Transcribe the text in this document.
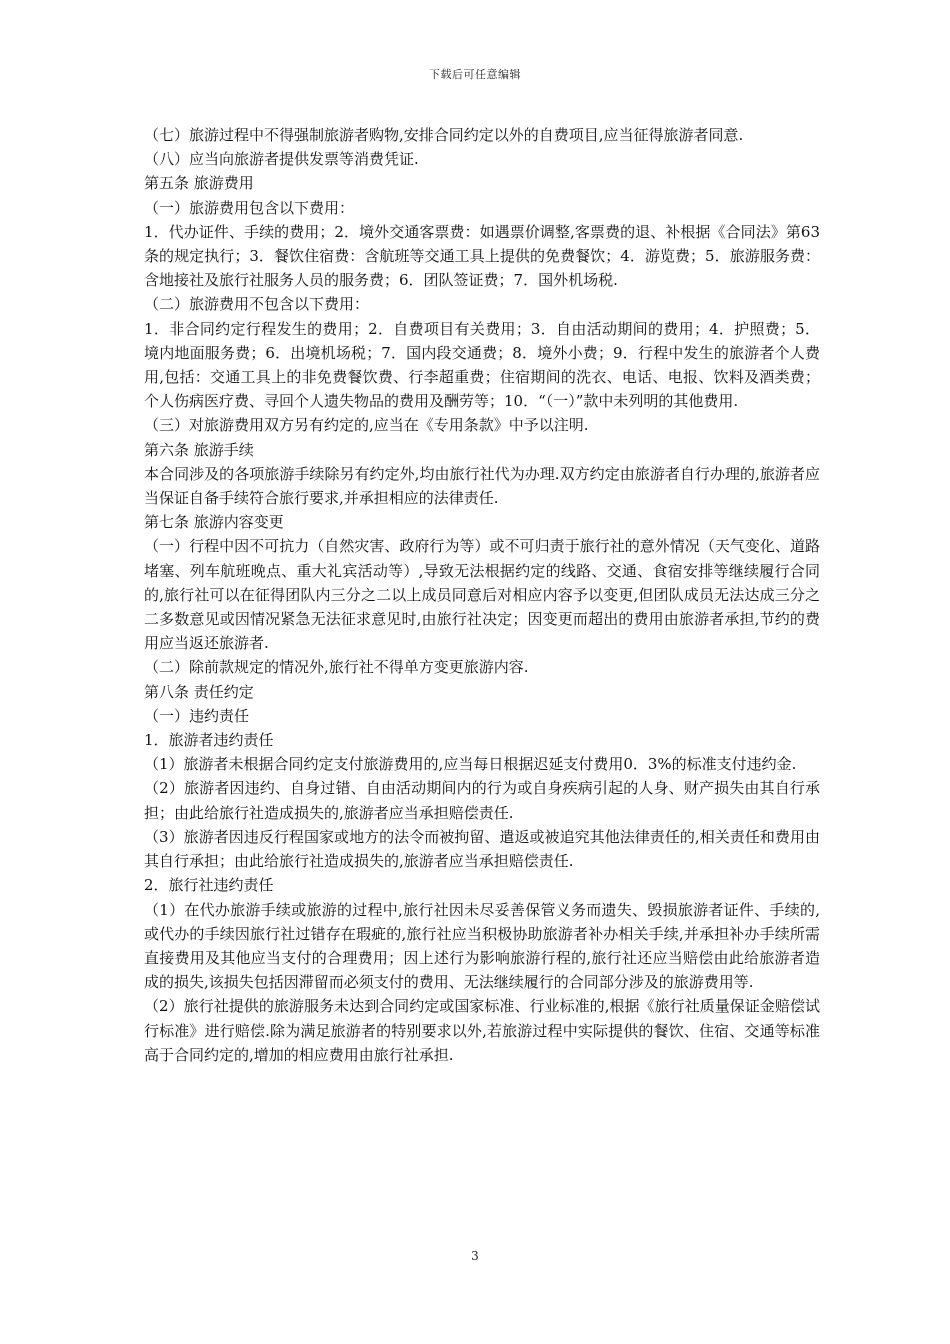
下载后可任意编辑

（七）旅游过程中不得强制旅游者购物,安排合同约定以外的自费项目,应当征得旅游者同意.

（八）应当向旅游者提供发票等消费凭证.

第五条 旅游费用

（一）旅游费用包含以下费用：

1．代办证件、手续的费用；2．境外交通客票费：如遇票价调整,客票费的退、补根据《合同法》第63条的规定执行；3．餐饮住宿费：含航班等交通工具上提供的免费餐饮；4．游览费；5．旅游服务费：含地接社及旅行社服务人员的服务费；6．团队签证费；7．国外机场税.

（二）旅游费用不包含以下费用：

1．非合同约定行程发生的费用；2．自费项目有关费用；3．自由活动期间的费用；4．护照费；5．境内地面服务费；6．出境机场税；7．国内段交通费；8．境外小费；9．行程中发生的旅游者个人费用,包括：交通工具上的非免费餐饮费、行李超重费；住宿期间的洗衣、电话、电报、饮料及酒类费；个人伤病医疗费、寻回个人遗失物品的费用及酬劳等；10．“（一）”款中未列明的其他费用.

（三）对旅游费用双方另有约定的,应当在《专用条款》中予以注明.

第六条 旅游手续

本合同涉及的各项旅游手续除另有约定外,均由旅行社代为办理.双方约定由旅游者自行办理的,旅游者应当保证自备手续符合旅行要求,并承担相应的法律责任.

第七条 旅游内容变更

（一）行程中因不可抗力（自然灾害、政府行为等）或不可归责于旅行社的意外情况（天气变化、道路堵塞、列车航班晚点、重大礼宾活动等）,导致无法根据约定的线路、交通、食宿安排等继续履行合同的,旅行社可以在征得团队内三分之二以上成员同意后对相应内容予以变更,但团队成员无法达成三分之二多数意见或因情况紧急无法征求意见时,由旅行社决定；因变更而超出的费用由旅游者承担,节约的费用应当返还旅游者.

（二）除前款规定的情况外,旅行社不得单方变更旅游内容.

第八条 责任约定

（一）违约责任

1．旅游者违约责任

（1）旅游者未根据合同约定支付旅游费用的,应当每日根据迟延支付费用0．3%的标准支付违约金.

（2）旅游者因违约、自身过错、自由活动期间内的行为或自身疾病引起的人身、财产损失由其自行承担；由此给旅行社造成损失的,旅游者应当承担赔偿责任.

（3）旅游者因违反行程国家或地方的法令而被拘留、遣返或被追究其他法律责任的,相关责任和费用由其自行承担；由此给旅行社造成损失的,旅游者应当承担赔偿责任.

2．旅行社违约责任

（1）在代办旅游手续或旅游的过程中,旅行社因未尽妥善保管义务而遗失、毁损旅游者证件、手续的,或代办的手续因旅行社过错存在瑕疵的,旅行社应当积极协助旅游者补办相关手续,并承担补办手续所需直接费用及其他应当支付的合理费用；因上述行为影响旅游行程的,旅行社还应当赔偿由此给旅游者造成的损失,该损失包括因滞留而必须支付的费用、无法继续履行的合同部分涉及的旅游费用等.

（2）旅行社提供的旅游服务未达到合同约定或国家标准、行业标准的,根据《旅行社质量保证金赔偿试行标准》进行赔偿.除为满足旅游者的特别要求以外,若旅游过程中实际提供的餐饮、住宿、交通等标准高于合同约定的,增加的相应费用由旅行社承担.

3
